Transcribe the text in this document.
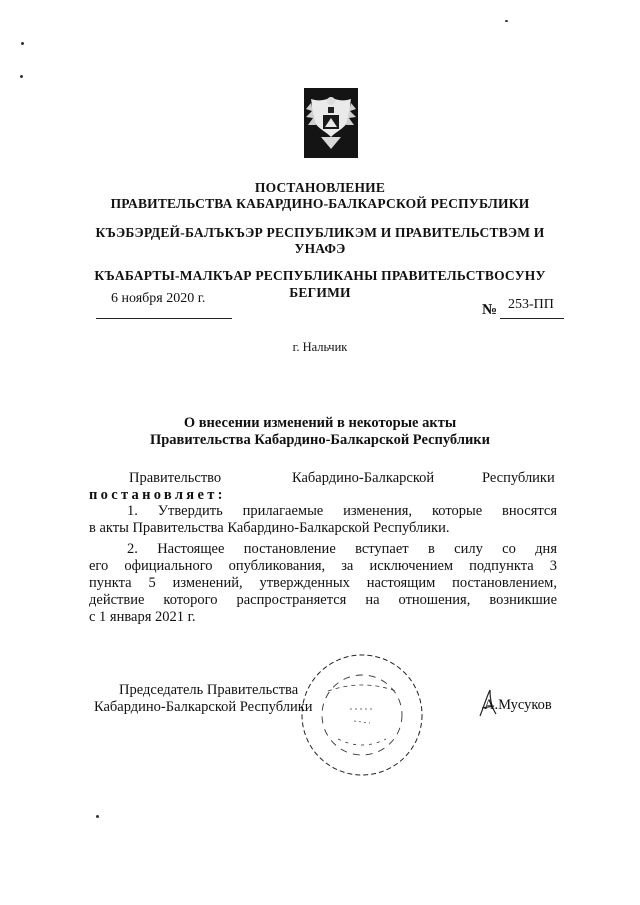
ПОСТАНОВЛЕНИЕ
ПРАВИТЕЛЬСТВА КАБАРДИНО-БАЛКАРСКОЙ РЕСПУБЛИКИ
КЪЭБЭРДЕЙ-БАЛЪКЪЭР РЕСПУБЛИКЭМ И ПРАВИТЕЛЬСТВЭМ И
УНАФЭ
КЪАБАРТЫ-МАЛКЪАР РЕСПУБЛИКАНЫ ПРАВИТЕЛЬСТВОСУНУ
БЕГИМИ
6 ноября 2020 г.
№ 253-ПП
г. Нальчик
О внесении изменений в некоторые акты
Правительства Кабардино-Балкарской Республики
Правительство	Кабардино-Балкарской	Республики
постановляет:
1. Утвердить прилагаемые изменения, которые вносятся
в акты Правительства Кабардино-Балкарской Республики.
2. Настоящее постановление вступает в силу со дня
его официального опубликования, за исключением подпункта 3
пункта 5 изменений, утвержденных настоящим постановлением,
действие которого распространяется на отношения, возникшие
с 1 января 2021 г.
Председатель Правительства
Кабардино-Балкарской Республики	А.Мусуков
